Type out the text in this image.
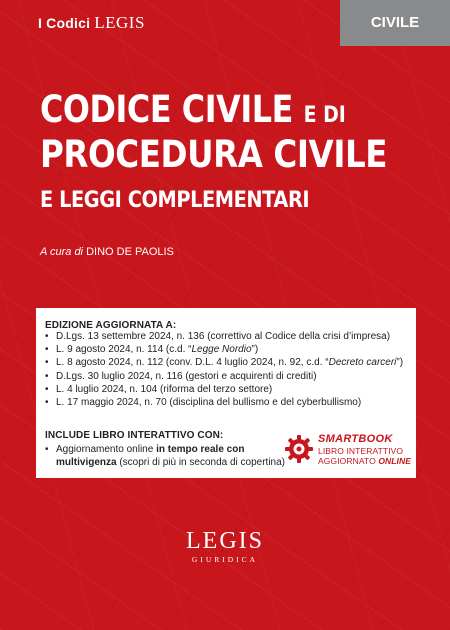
I Codici LEGIS	CIVILE
CODICE CIVILE E DI
PROCEDURA CIVILE
E LEGGI COMPLEMENTARI
A cura di DINO DE PAOLIS
EDIZIONE AGGIORNATA A:
• D.Lgs. 13 settembre 2024, n. 136 (correttivo al Codice della crisi d’impresa)
• L. 9 agosto 2024, n. 114 (c.d. “Legge Nordio”)
• L. 8 agosto 2024, n. 112 (conv. D.L. 4 luglio 2024, n. 92, c.d. “Decreto carceri”)
• D.Lgs. 30 luglio 2024, n. 116 (gestori e acquirenti di crediti)
• L. 4 luglio 2024, n. 104 (riforma del terzo settore)
• L. 17 maggio 2024, n. 70 (disciplina del bullismo e del cyberbullismo)
INCLUDE LIBRO INTERATTIVO CON:
• Aggiornamento online in tempo reale con multivigenza (scopri di più in seconda di copertina)
SMARTBOOK
LIBRO INTERATTIVO
AGGIORNATO ONLINE
LEGIS
GIURIDICA
